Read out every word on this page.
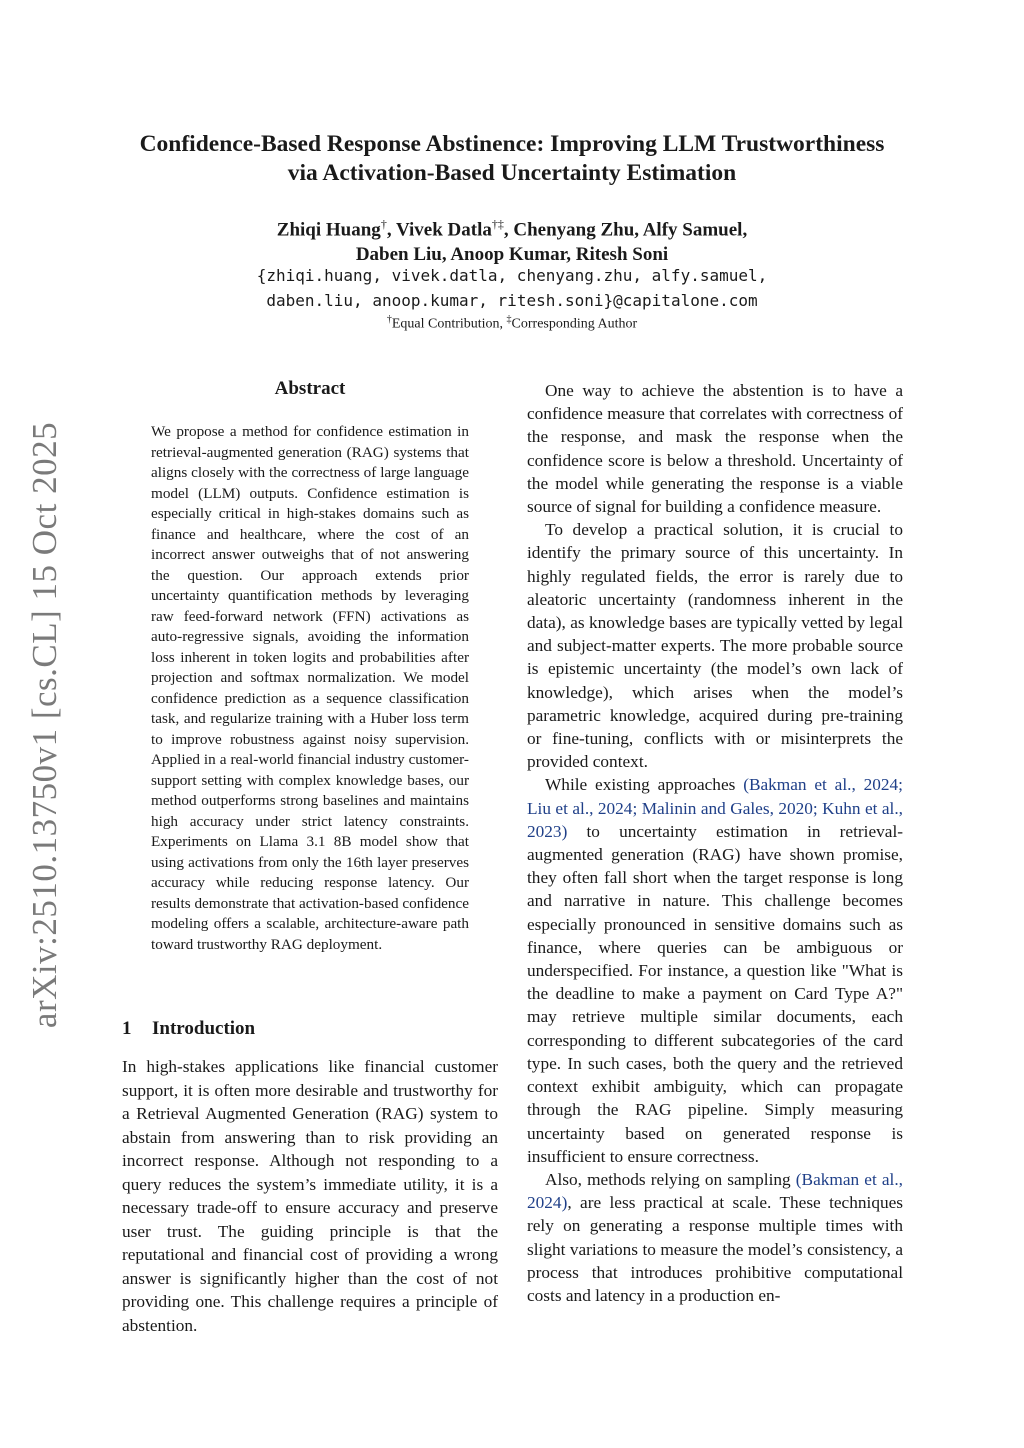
arXiv:2510.13750v1 [cs.CL] 15 Oct 2025
Confidence-Based Response Abstinence: Improving LLM Trustworthiness
via Activation-Based Uncertainty Estimation
Zhiqi Huang†, Vivek Datla†‡, Chenyang Zhu, Alfy Samuel,
Daben Liu, Anoop Kumar, Ritesh Soni
{zhiqi.huang, vivek.datla, chenyang.zhu, alfy.samuel,
daben.liu, anoop.kumar, ritesh.soni}@capitalone.com
†Equal Contribution, ‡Corresponding Author
Abstract

We propose a method for confidence estimation in retrieval-augmented generation (RAG) systems that aligns closely with the correctness of large language model (LLM) outputs. Confidence estimation is especially critical in high-stakes domains such as finance and healthcare, where the cost of an incorrect answer outweighs that of not answering the question. Our approach extends prior uncertainty quantification methods by leveraging raw feed-forward network (FFN) activations as auto-regressive signals, avoiding the information loss inherent in token logits and probabilities after projection and softmax normalization. We model confidence prediction as a sequence classification task, and regularize training with a Huber loss term to improve robustness against noisy supervision. Applied in a real-world financial industry customer-support setting with complex knowledge bases, our method outperforms strong baselines and maintains high accuracy under strict latency constraints. Experiments on Llama 3.1 8B model show that using activations from only the 16th layer preserves accuracy while reducing response latency. Our results demonstrate that activation-based confidence modeling offers a scalable, architecture-aware path toward trustworthy RAG deployment.

1 Introduction

In high-stakes applications like financial customer support, it is often more desirable and trustworthy for a Retrieval Augmented Generation (RAG) system to abstain from answering than to risk providing an incorrect response. Although not responding to a query reduces the system’s immediate utility, it is a necessary trade-off to ensure accuracy and preserve user trust. The guiding principle is that the reputational and financial cost of providing a wrong answer is significantly higher than the cost of not providing one. This challenge requires a principle of abstention.

One way to achieve the abstention is to have a confidence measure that correlates with correctness of the response, and mask the response when the confidence score is below a threshold. Uncertainty of the model while generating the response is a viable source of signal for building a confidence measure.

To develop a practical solution, it is crucial to identify the primary source of this uncertainty. In highly regulated fields, the error is rarely due to aleatoric uncertainty (randomness inherent in the data), as knowledge bases are typically vetted by legal and subject-matter experts. The more probable source is epistemic uncertainty (the model’s own lack of knowledge), which arises when the model’s parametric knowledge, acquired during pre-training or fine-tuning, conflicts with or misinterprets the provided context.

While existing approaches (Bakman et al., 2024; Liu et al., 2024; Malinin and Gales, 2020; Kuhn et al., 2023) to uncertainty estimation in retrieval-augmented generation (RAG) have shown promise, they often fall short when the target response is long and narrative in nature. This challenge becomes especially pronounced in sensitive domains such as finance, where queries can be ambiguous or underspecified. For instance, a question like "What is the deadline to make a payment on Card Type A?" may retrieve multiple similar documents, each corresponding to different subcategories of the card type. In such cases, both the query and the retrieved context exhibit ambiguity, which can propagate through the RAG pipeline. Simply measuring uncertainty based on generated response is insufficient to ensure correctness.

Also, methods relying on sampling (Bakman et al., 2024), are less practical at scale. These techniques rely on generating a response multiple times with slight variations to measure the model’s consistency, a process that introduces prohibitive computational costs and latency in a production en-
